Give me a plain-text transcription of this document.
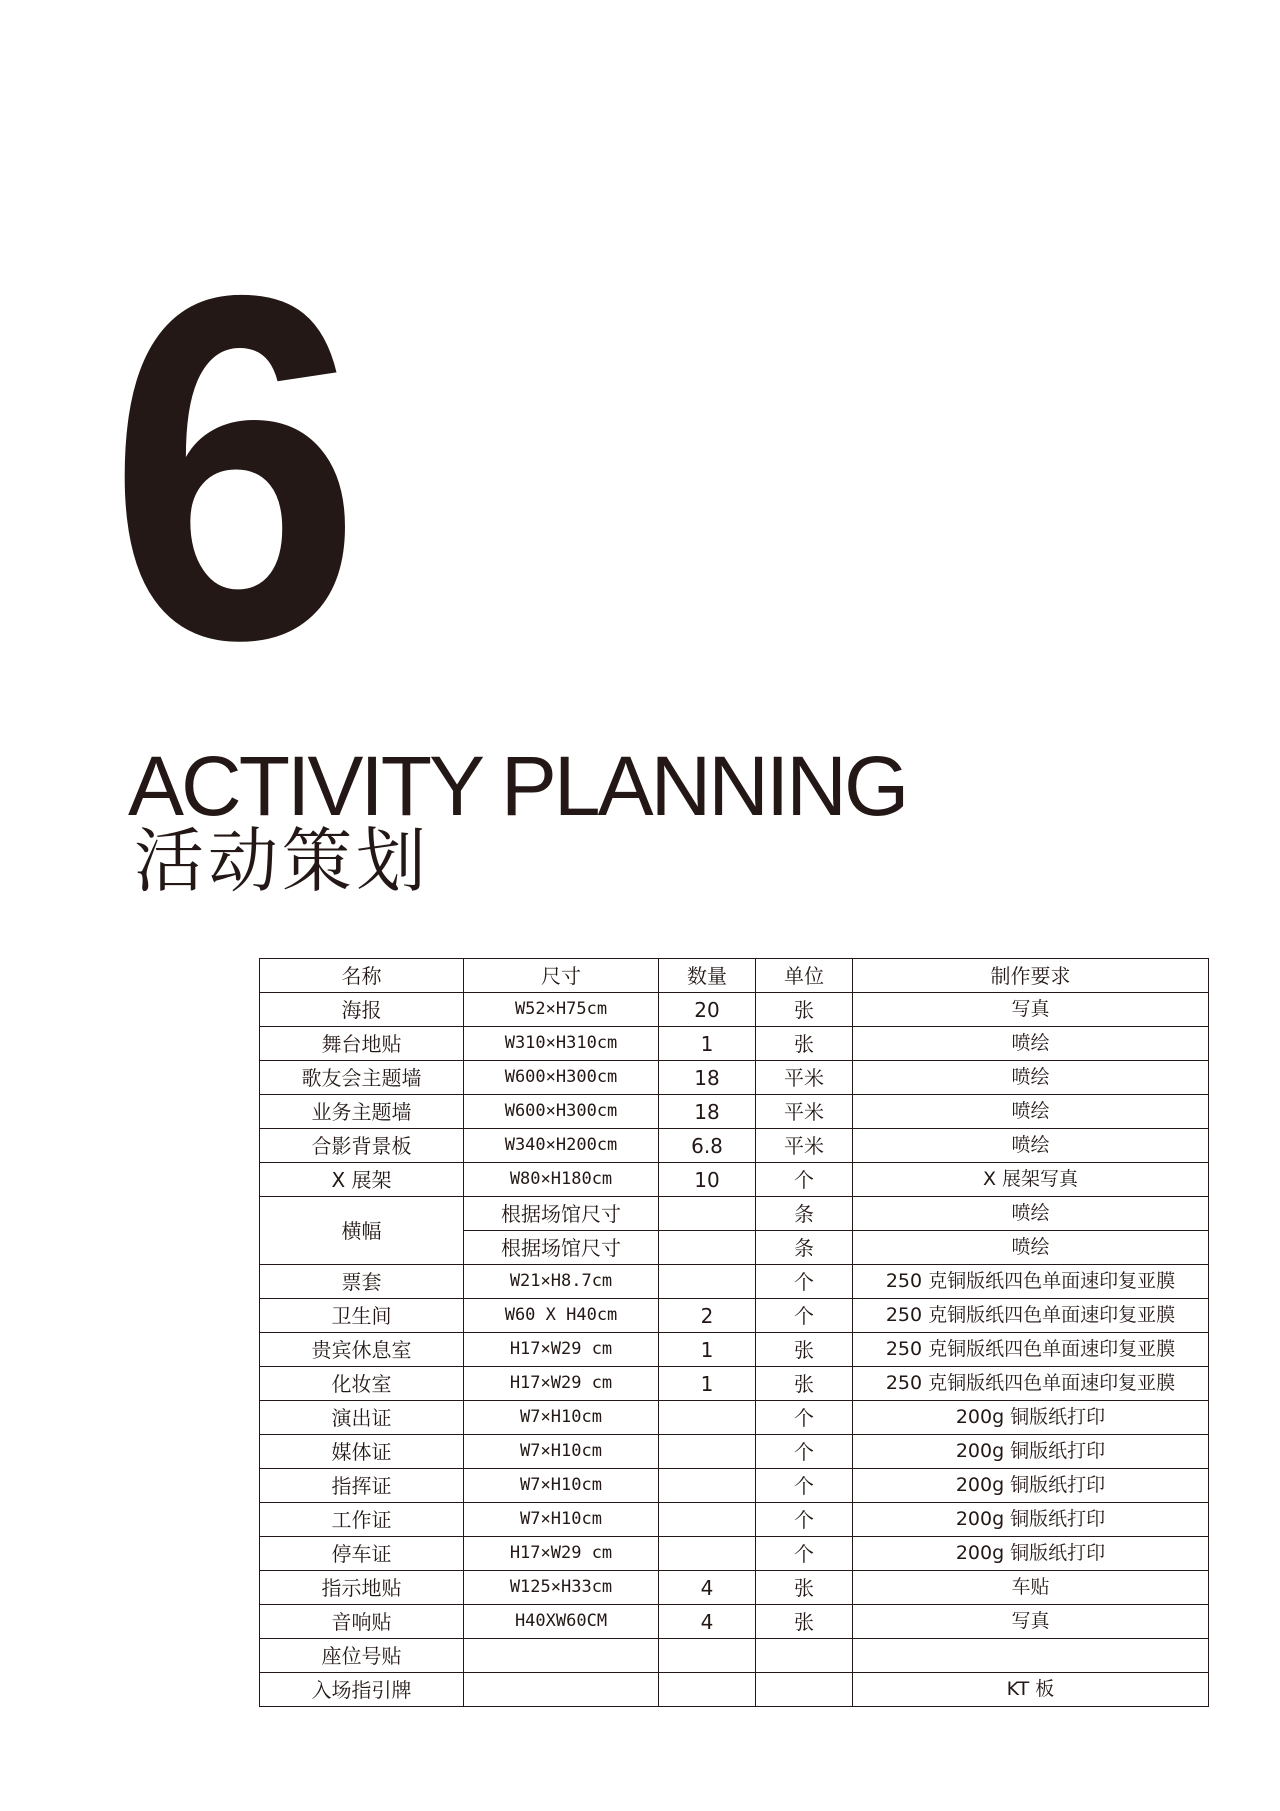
6
ACTIVITY PLANNING
活动策划
名称	尺寸	数量	单位	制作要求
海报	W52×H75cm	20	张	写真
舞台地贴	W310×H310cm	1	张	喷绘
歌友会主题墙	W600×H300cm	18	平米	喷绘
业务主题墙	W600×H300cm	18	平米	喷绘
合影背景板	W340×H200cm	6.8	平米	喷绘
X 展架	W80×H180cm	10	个	X 展架写真
横幅	根据场馆尺寸		条	喷绘
	根据场馆尺寸		条	喷绘
票套	W21×H8.7cm		个	250 克铜版纸四色单面速印复亚膜
卫生间	W60 X H40cm	2	个	250 克铜版纸四色单面速印复亚膜
贵宾休息室	H17×W29 cm	1	张	250 克铜版纸四色单面速印复亚膜
化妆室	H17×W29 cm	1	张	250 克铜版纸四色单面速印复亚膜
演出证	W7×H10cm		个	200g 铜版纸打印
媒体证	W7×H10cm		个	200g 铜版纸打印
指挥证	W7×H10cm		个	200g 铜版纸打印
工作证	W7×H10cm		个	200g 铜版纸打印
停车证	H17×W29 cm		个	200g 铜版纸打印
指示地贴	W125×H33cm	4	张	车贴
音响贴	H40XW60CM	4	张	写真
座位号贴				
入场指引牌				KT 板
